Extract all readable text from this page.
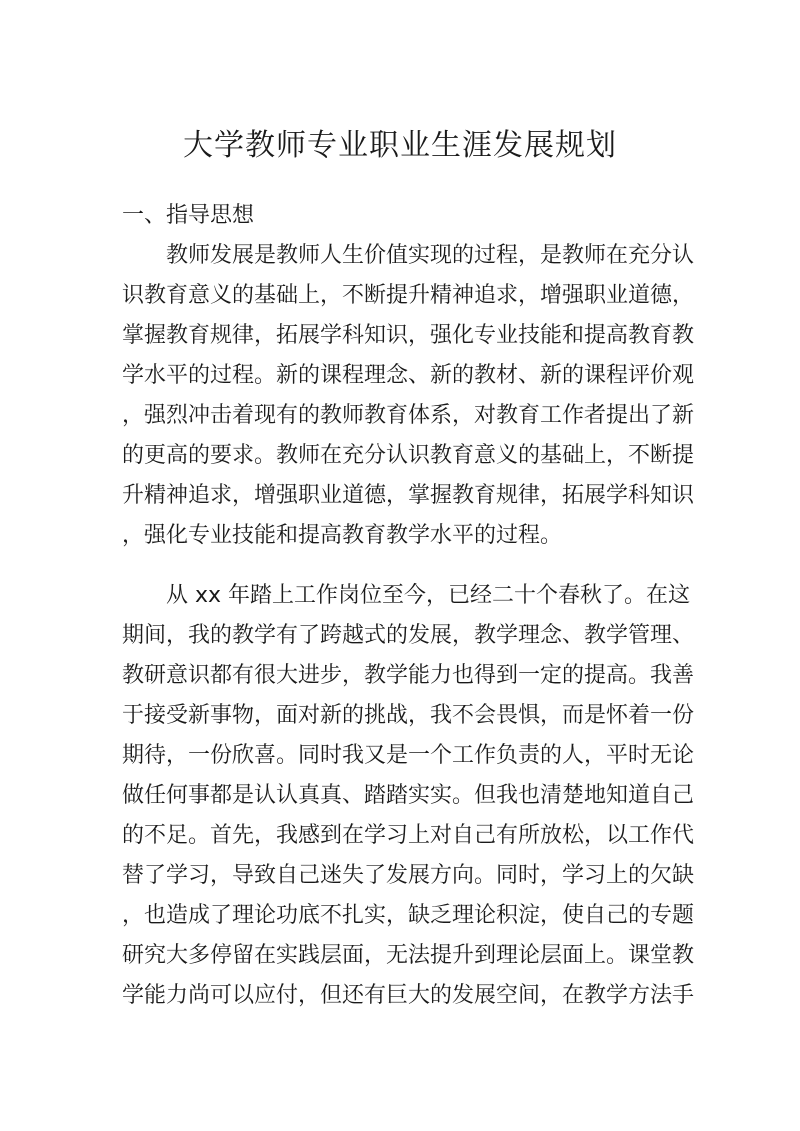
大学教师专业职业生涯发展规划
一、指导思想
教师发展是教师人生价值实现的过程，是教师在充分认
识教育意义的基础上，不断提升精神追求，增强职业道德，
掌握教育规律，拓展学科知识，强化专业技能和提高教育教
学水平的过程。新的课程理念、新的教材、新的课程评价观
，强烈冲击着现有的教师教育体系，对教育工作者提出了新
的更高的要求。教师在充分认识教育意义的基础上，不断提
升精神追求，增强职业道德，掌握教育规律，拓展学科知识
，强化专业技能和提高教育教学水平的过程。
从 xx 年踏上工作岗位至今，已经二十个春秋了。在这
期间，我的教学有了跨越式的发展，教学理念、教学管理、
教研意识都有很大进步，教学能力也得到一定的提高。我善
于接受新事物，面对新的挑战，我不会畏惧，而是怀着一份
期待，一份欣喜。同时我又是一个工作负责的人，平时无论
做任何事都是认认真真、踏踏实实。但我也清楚地知道自己
的不足。首先，我感到在学习上对自己有所放松，以工作代
替了学习，导致自己迷失了发展方向。同时，学习上的欠缺
，也造成了理论功底不扎实，缺乏理论积淀，使自己的专题
研究大多停留在实践层面，无法提升到理论层面上。课堂教
学能力尚可以应付，但还有巨大的发展空间，在教学方法手
